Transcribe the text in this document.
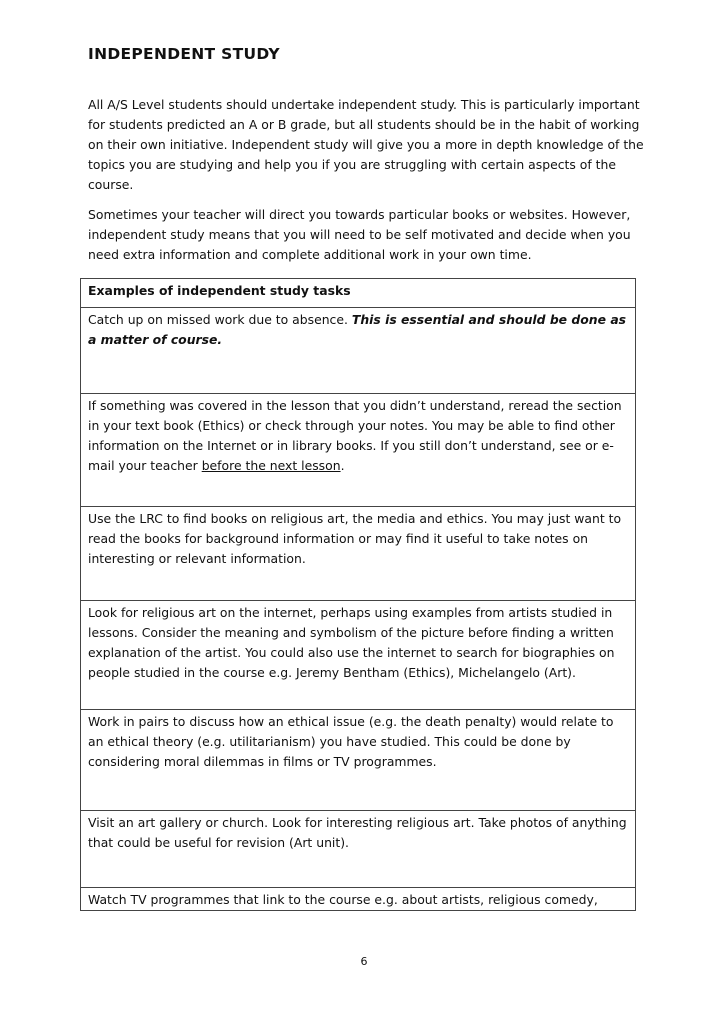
INDEPENDENT STUDY

All A/S Level students should undertake independent study. This is particularly important for students predicted an A or B grade, but all students should be in the habit of working on their own initiative. Independent study will give you a more in depth knowledge of the topics you are studying and help you if you are struggling with certain aspects of the course.

Sometimes your teacher will direct you towards particular books or websites. However, independent study means that you will need to be self motivated and decide when you need extra information and complete additional work in your own time.

Examples of independent study tasks
Catch up on missed work due to absence. This is essential and should be done as a matter of course.
If something was covered in the lesson that you didn’t understand, reread the section in your text book (Ethics) or check through your notes. You may be able to find other information on the Internet or in library books. If you still don’t understand, see or e-mail your teacher before the next lesson.
Use the LRC to find books on religious art, the media and ethics. You may just want to read the books for background information or may find it useful to take notes on interesting or relevant information.
Look for religious art on the internet, perhaps using examples from artists studied in lessons. Consider the meaning and symbolism of the picture before finding a written explanation of the artist. You could also use the internet to search for biographies on people studied in the course e.g. Jeremy Bentham (Ethics), Michelangelo (Art).
Work in pairs to discuss how an ethical issue (e.g. the death penalty) would relate to an ethical theory (e.g. utilitarianism) you have studied. This could be done by considering moral dilemmas in films or TV programmes.
Visit an art gallery or church. Look for interesting religious art. Take photos of anything that could be useful for revision (Art unit).
Watch TV programmes that link to the course e.g. about artists, religious comedy,
6
